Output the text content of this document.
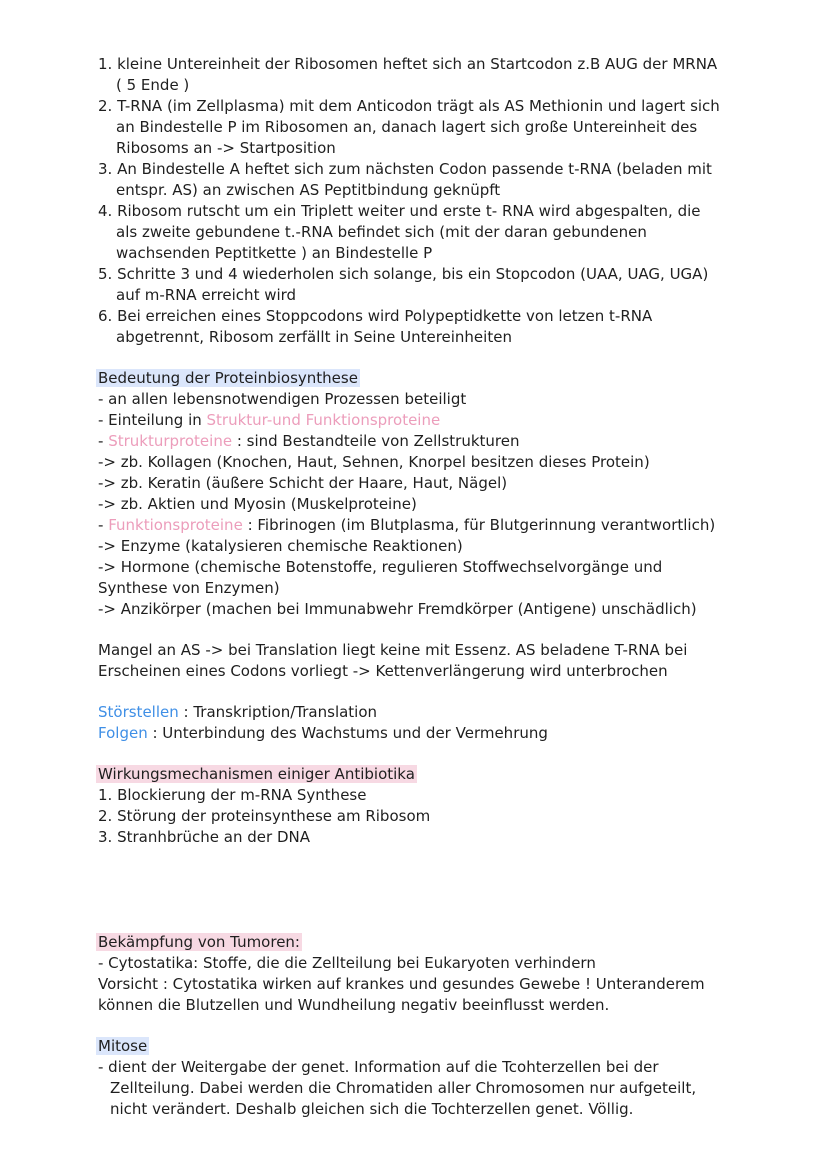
1. kleine Untereinheit der Ribosomen heftet sich an Startcodon z.B AUG der MRNA
( 5 Ende )
2. T-RNA (im Zellplasma) mit dem Anticodon trägt als AS Methionin und lagert sich
an Bindestelle P im Ribosomen an, danach lagert sich große Untereinheit des
Ribosoms an -> Startposition
3. An Bindestelle A heftet sich zum nächsten Codon passende t-RNA (beladen mit
entspr. AS) an zwischen AS Peptitbindung geknüpft
4. Ribosom rutscht um ein Triplett weiter und erste t- RNA wird abgespalten, die
als zweite gebundene t.-RNA befindet sich (mit der daran gebundenen
wachsenden Peptitkette ) an Bindestelle P
5. Schritte 3 und 4 wiederholen sich solange, bis ein Stopcodon (UAA, UAG, UGA)
auf m-RNA erreicht wird
6. Bei erreichen eines Stoppcodons wird Polypeptidkette von letzen t-RNA
abgetrennt, Ribosom zerfällt in Seine Untereinheiten
Bedeutung der Proteinbiosynthese
- an allen lebensnotwendigen Prozessen beteiligt
- Einteilung in Struktur-und Funktionsproteine
- Strukturproteine : sind Bestandteile von Zellstrukturen
-> zb. Kollagen (Knochen, Haut, Sehnen, Knorpel besitzen dieses Protein)
-> zb. Keratin (äußere Schicht der Haare, Haut, Nägel)
-> zb. Aktien und Myosin (Muskelproteine)
- Funktionsproteine : Fibrinogen (im Blutplasma, für Blutgerinnung verantwortlich)
-> Enzyme (katalysieren chemische Reaktionen)
-> Hormone (chemische Botenstoffe, regulieren Stoffwechselvorgänge und
Synthese von Enzymen)
-> Anzikörper (machen bei Immunabwehr Fremdkörper (Antigene) unschädlich)
Mangel an AS -> bei Translation liegt keine mit Essenz. AS beladene T-RNA bei
Erscheinen eines Codons vorliegt -> Kettenverlängerung wird unterbrochen
Störstellen : Transkription/Translation
Folgen : Unterbindung des Wachstums und der Vermehrung
Wirkungsmechanismen einiger Antibiotika
1. Blockierung der m-RNA Synthese
2. Störung der proteinsynthese am Ribosom
3. Stranhbrüche an der DNA
Bekämpfung von Tumoren:
- Cytostatika: Stoffe, die die Zellteilung bei Eukaryoten verhindern
Vorsicht : Cytostatika wirken auf krankes und gesundes Gewebe ! Unteranderem
können die Blutzellen und Wundheilung negativ beeinflusst werden.
Mitose
- dient der Weitergabe der genet. Information auf die Tcohterzellen bei der
Zellteilung. Dabei werden die Chromatiden aller Chromosomen nur aufgeteilt,
nicht verändert. Deshalb gleichen sich die Tochterzellen genet. Völlig.
